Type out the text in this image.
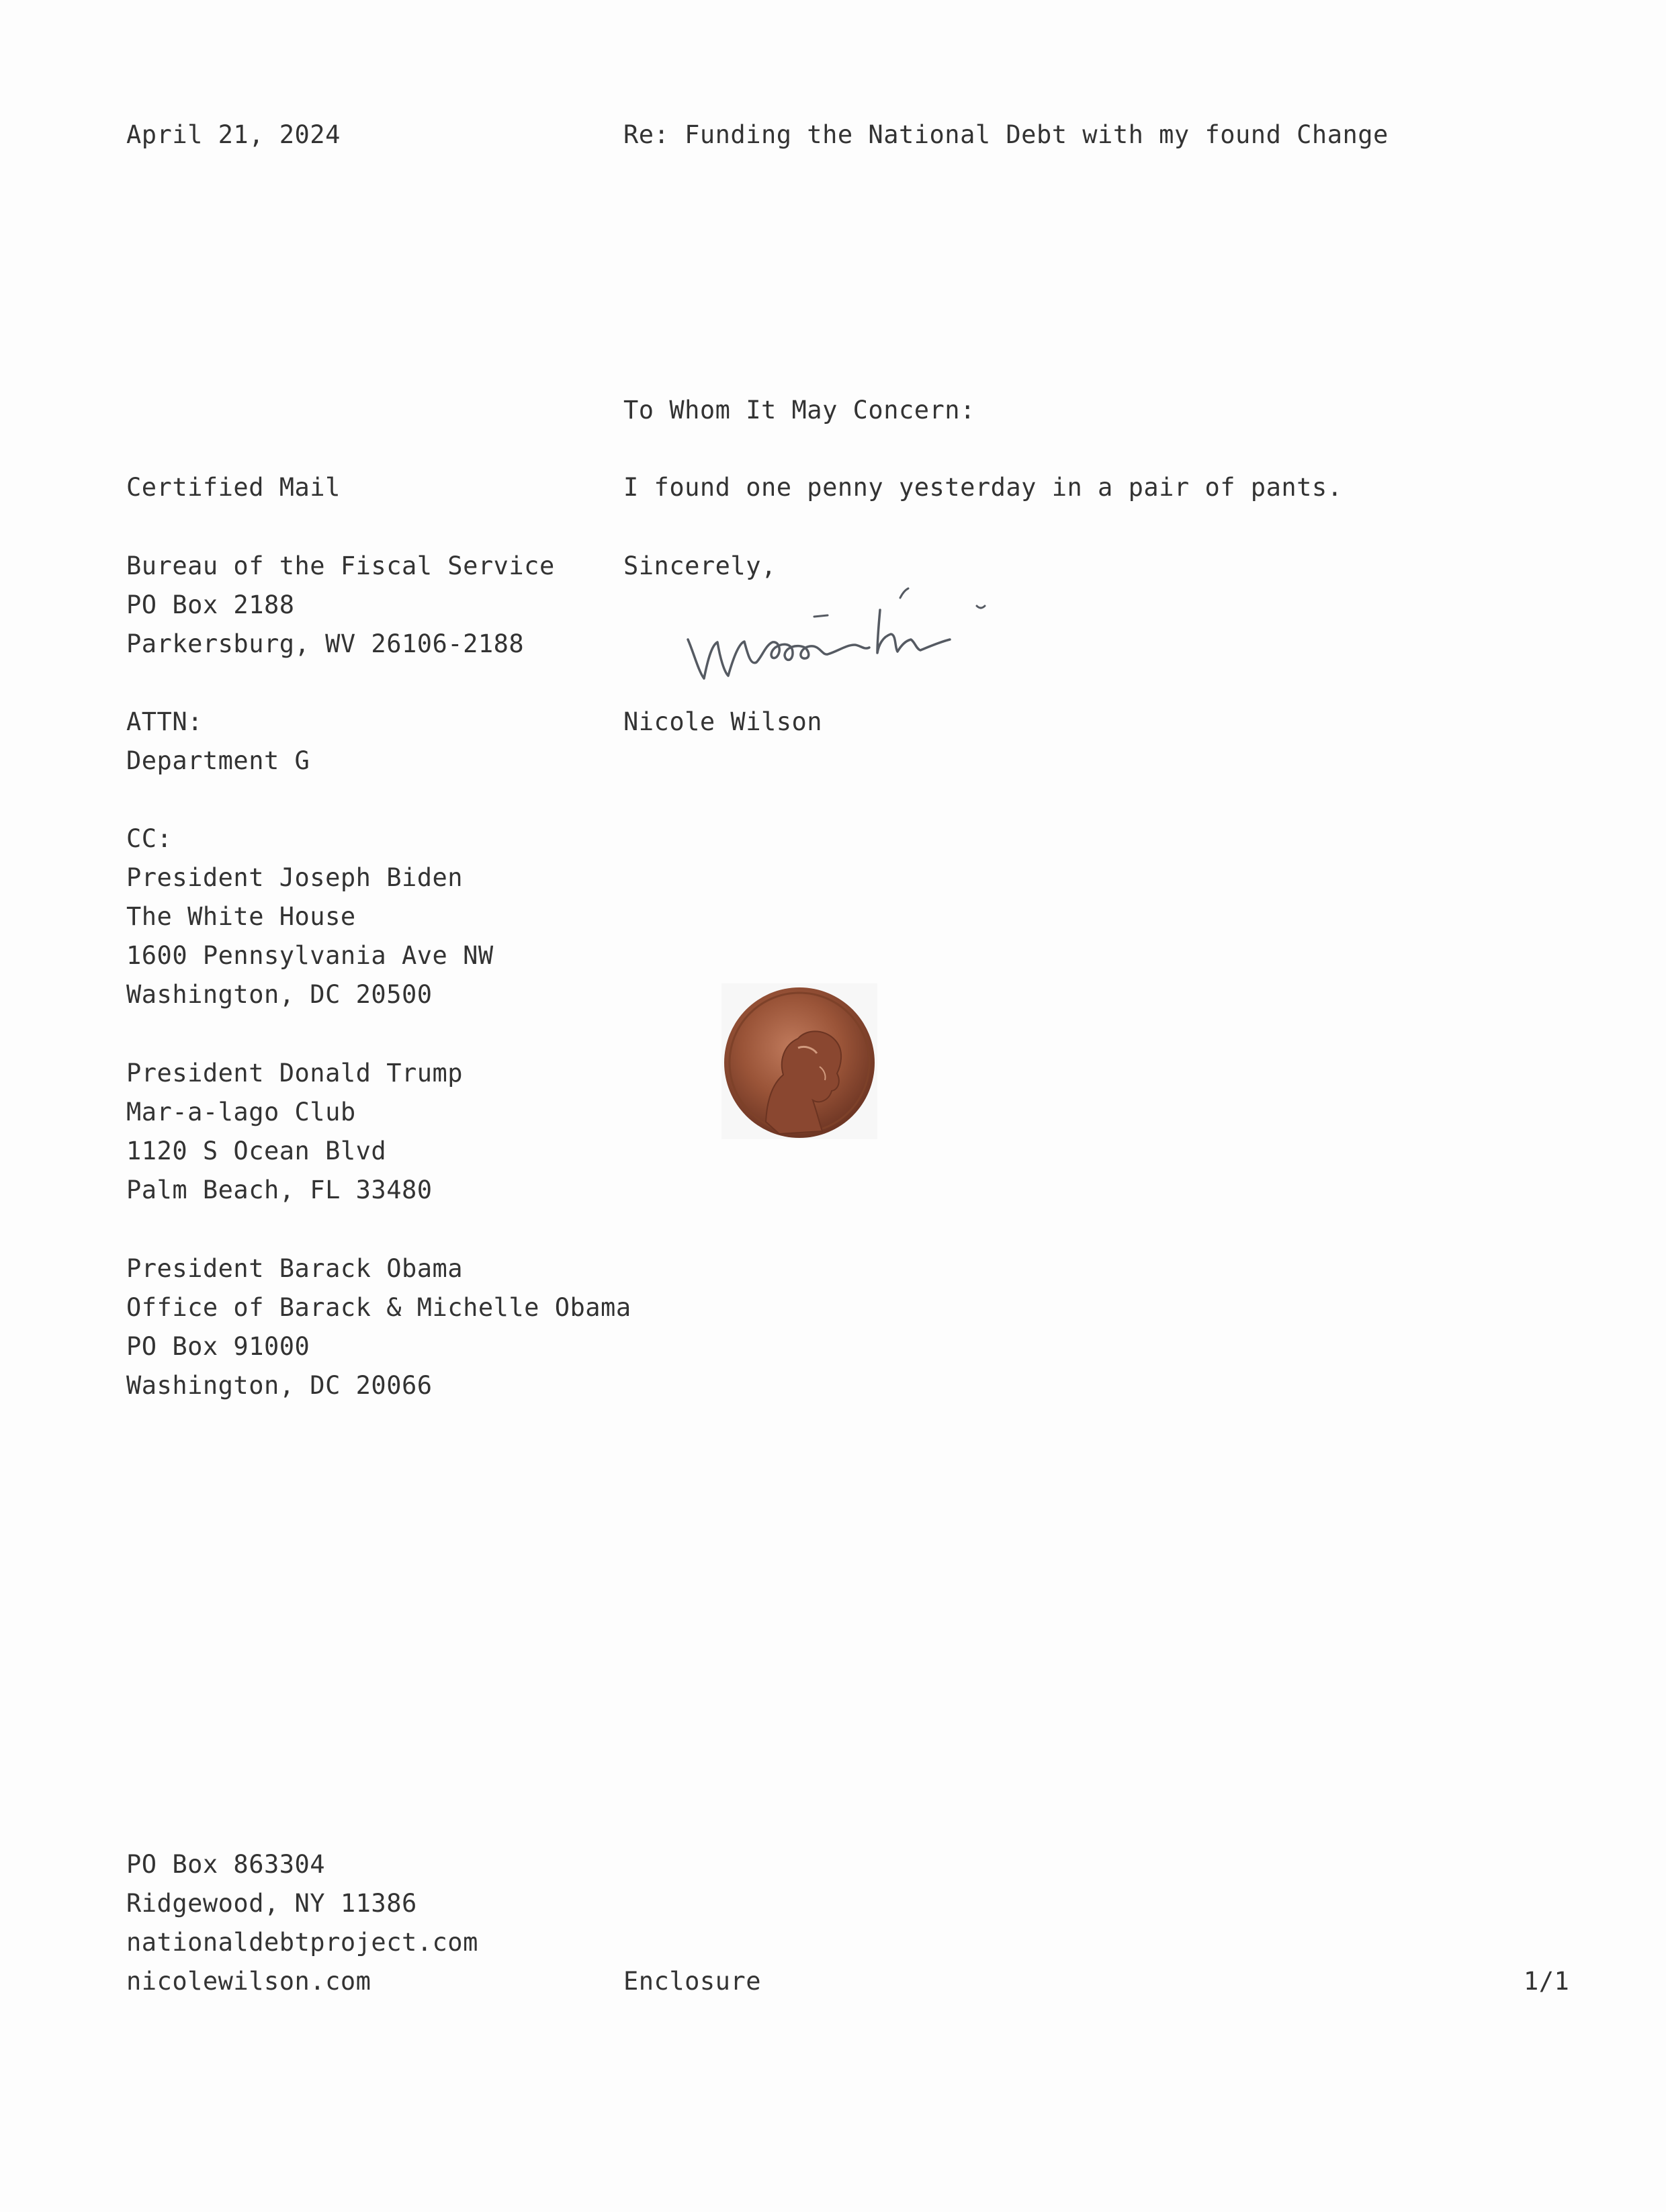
April 21, 2024	Re: Funding the National Debt with my found Change
To Whom It May Concern:
I found one penny yesterday in a pair of pants.
Sincerely,
Nicole Wilson
Certified Mail
Bureau of the Fiscal Service
PO Box 2188
Parkersburg, WV 26106-2188
ATTN:
Department G
CC:
President Joseph Biden
The White House
1600 Pennsylvania Ave NW
Washington, DC 20500
President Donald Trump
Mar-a-lago Club
1120 S Ocean Blvd
Palm Beach, FL 33480
President Barack Obama
Office of Barack & Michelle Obama
PO Box 91000
Washington, DC 20066
PO Box 863304
Ridgewood, NY 11386
nationaldebtproject.com
nicolewilson.com	Enclosure	1/1
